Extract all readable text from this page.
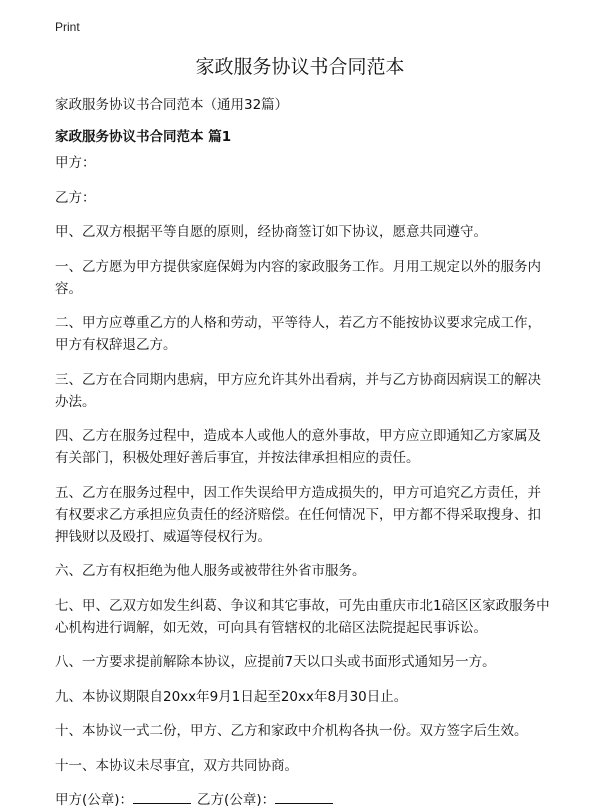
Print
家政服务协议书合同范本
家政服务协议书合同范本（通用32篇）
家政服务协议书合同范本 篇1

甲方：

乙方：

甲、乙双方根据平等自愿的原则，经协商签订如下协议，愿意共同遵守。

一、乙方愿为甲方提供家庭保姆为内容的家政服务工作。月用工规定以外的服务内容。

二、甲方应尊重乙方的人格和劳动，平等待人，若乙方不能按协议要求完成工作，甲方有权辞退乙方。

三、乙方在合同期内患病，甲方应允许其外出看病，并与乙方协商因病误工的解决办法。

四、乙方在服务过程中，造成本人或他人的意外事故，甲方应立即通知乙方家属及有关部门，积极处理好善后事宜，并按法律承担相应的责任。

五、乙方在服务过程中，因工作失误给甲方造成损失的，甲方可追究乙方责任，并有权要求乙方承担应负责任的经济赔偿。在任何情况下，甲方都不得采取搜身、扣押钱财以及殴打、威逼等侵权行为。

六、乙方有权拒绝为他人服务或被带往外省市服务。

七、甲、乙双方如发生纠葛、争议和其它事故，可先由重庆市北1碚区区家政服务中心机构进行调解，如无效，可向具有管辖权的北碚区法院提起民事诉讼。

八、一方要求提前解除本协议，应提前7天以口头或书面形式通知另一方。

九、本协议期限自20xx年9月1日起至20xx年8月30日止。

十、本协议一式二份，甲方、乙方和家政中介机构各执一份。双方签字后生效。

十一、本协议未尽事宜，双方共同协商。

甲方(公章)：	乙方(公章)：
